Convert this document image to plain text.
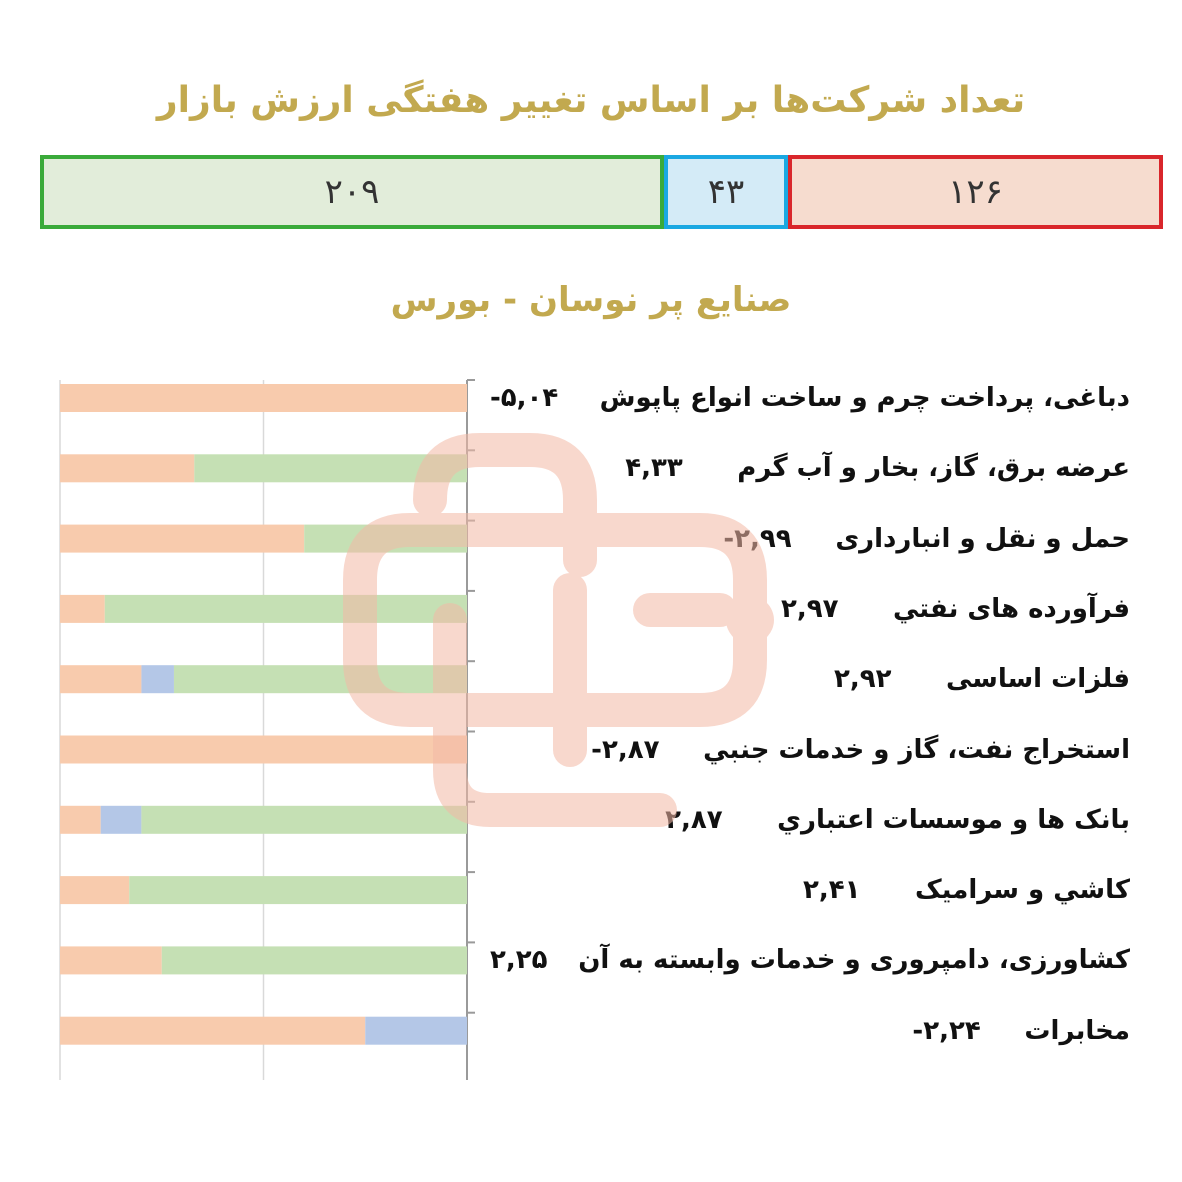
تعداد شرکت‌ها بر اساس تغییر هفتگی ارزش بازار
۲۰۹	۴۳	۱۲۶
صنایع پر نوسان - بورس
دباغی، پرداخت چرم و ساخت انواع پاپوش
-۵,۰۴
عرضه برق، گاز، بخار و آب گرم
۴,۳۳
حمل و نقل و انبارداری
-۲,۹۹
فرآورده های نفتي
۲,۹۷
فلزات اساسی
۲,۹۲
استخراج نفت، گاز و خدمات جنبي
-۲,۸۷
بانک ها و موسسات اعتباري
۲,۸۷
کاشي و سراميک
۲,۴۱
کشاورزی، دامپروری و خدمات وابسته به آن
۲,۲۵
مخابرات
-۲,۲۴
